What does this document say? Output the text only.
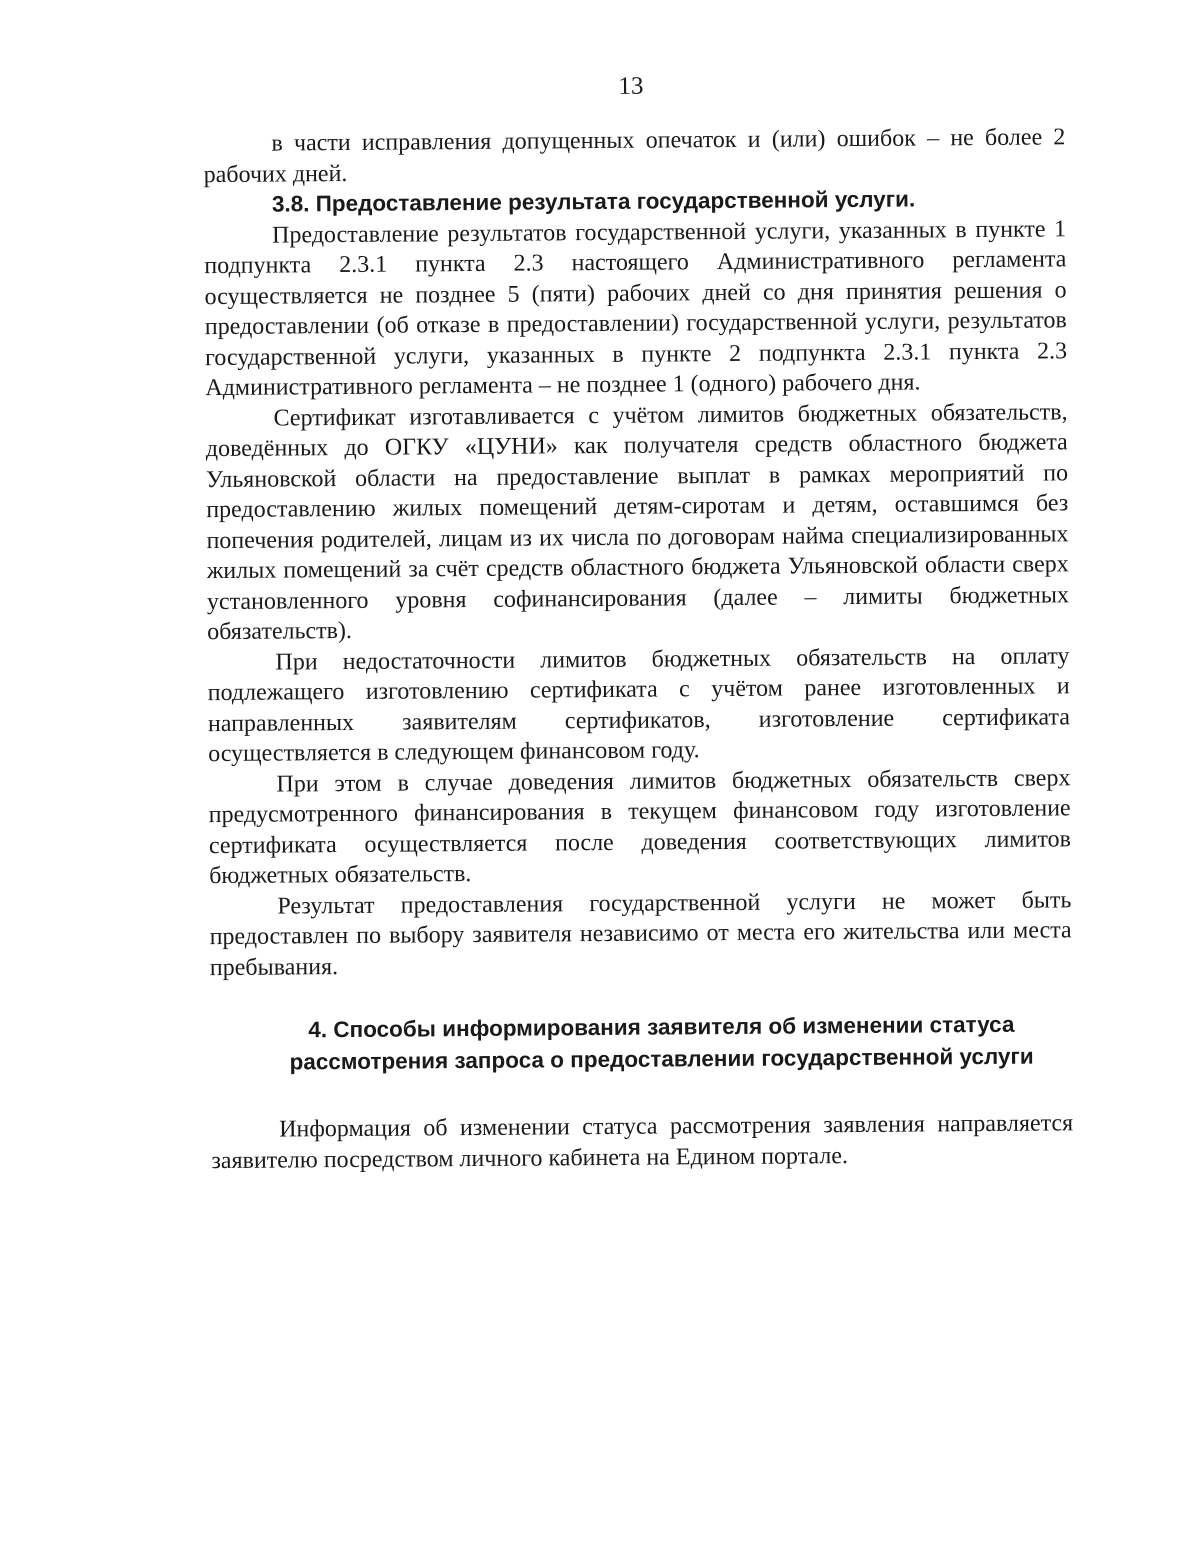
13

в части исправления допущенных опечаток и (или) ошибок – не более 2 рабочих дней.

3.8. Предоставление результата государственной услуги.

Предоставление результатов государственной услуги, указанных в пункте 1 подпункта 2.3.1 пункта 2.3 настоящего Административного регламента осуществляется не позднее 5 (пяти) рабочих дней со дня принятия решения о предоставлении (об отказе в предоставлении) государственной услуги, результатов государственной услуги, указанных в пункте 2 подпункта 2.3.1 пункта 2.3 Административного регламента – не позднее 1 (одного) рабочего дня.

Сертификат изготавливается с учётом лимитов бюджетных обязательств, доведённых до ОГКУ «ЦУНИ» как получателя средств областного бюджета Ульяновской области на предоставление выплат в рамках мероприятий по предоставлению жилых помещений детям-сиротам и детям, оставшимся без попечения родителей, лицам из их числа по договорам найма специализированных жилых помещений за счёт средств областного бюджета Ульяновской области сверх установленного уровня софинансирования (далее – лимиты бюджетных обязательств).

При недостаточности лимитов бюджетных обязательств на оплату подлежащего изготовлению сертификата с учётом ранее изготовленных и направленных заявителям сертификатов, изготовление сертификата осуществляется в следующем финансовом году.

При этом в случае доведения лимитов бюджетных обязательств сверх предусмотренного финансирования в текущем финансовом году изготовление сертификата осуществляется после доведения соответствующих лимитов бюджетных обязательств.

Результат предоставления государственной услуги не может быть предоставлен по выбору заявителя независимо от места его жительства или места пребывания.

4. Способы информирования заявителя об изменении статуса
рассмотрения запроса о предоставлении государственной услуги

Информация об изменении статуса рассмотрения заявления направляется заявителю посредством личного кабинета на Едином портале.
